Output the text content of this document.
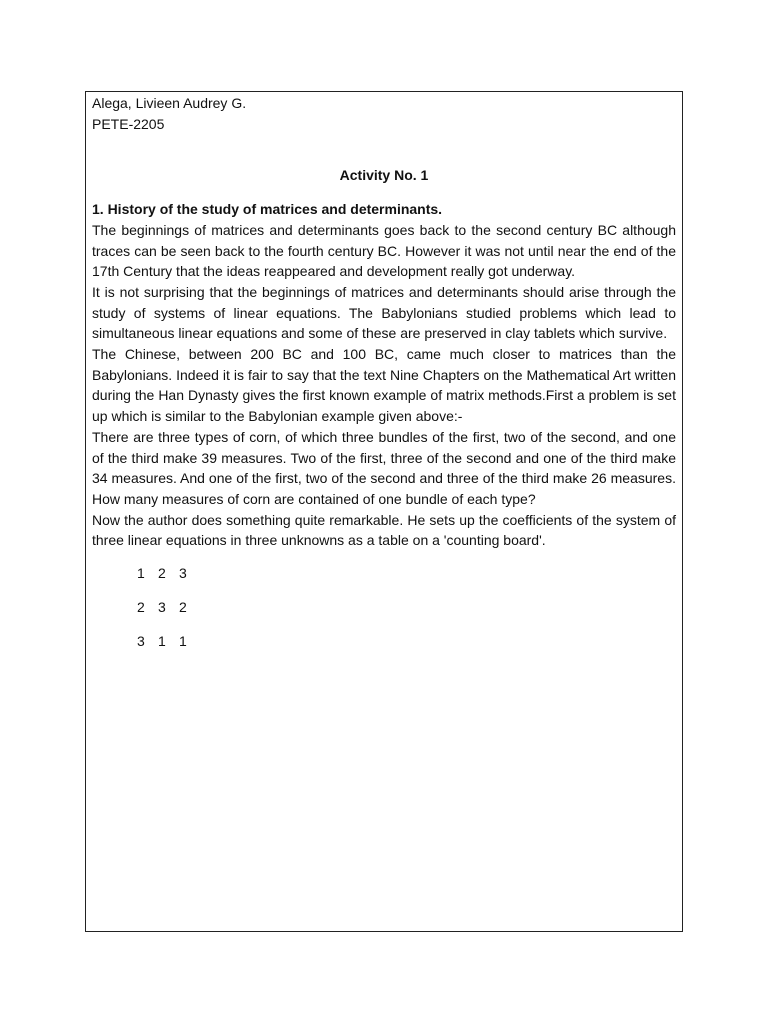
Alega, Livieen Audrey G.
PETE-2205
Activity No. 1
1. History of the study of matrices and determinants.

The beginnings of matrices and determinants goes back to the second century BC although traces can be seen back to the fourth century BC. However it was not until near the end of the 17th Century that the ideas reappeared and development really got underway.

It is not surprising that the beginnings of matrices and determinants should arise through the study of systems of linear equations. The Babylonians studied problems which lead to simultaneous linear equations and some of these are preserved in clay tablets which survive.

The Chinese, between 200 BC and 100 BC, came much closer to matrices than the Babylonians. Indeed it is fair to say that the text Nine Chapters on the Mathematical Art written during the Han Dynasty gives the first known example of matrix methods.First a problem is set up which is similar to the Babylonian example given above:-

There are three types of corn, of which three bundles of the first, two of the second, and one of the third make 39 measures. Two of the first, three of the second and one of the third make 34 measures. And one of the first, two of the second and three of the third make 26 measures. How many measures of corn are contained of one bundle of each type?

Now the author does something quite remarkable. He sets up the coefficients of the system of three linear equations in three unknowns as a table on a 'counting board'.

1 2 3
2 3 2
3 1 1
